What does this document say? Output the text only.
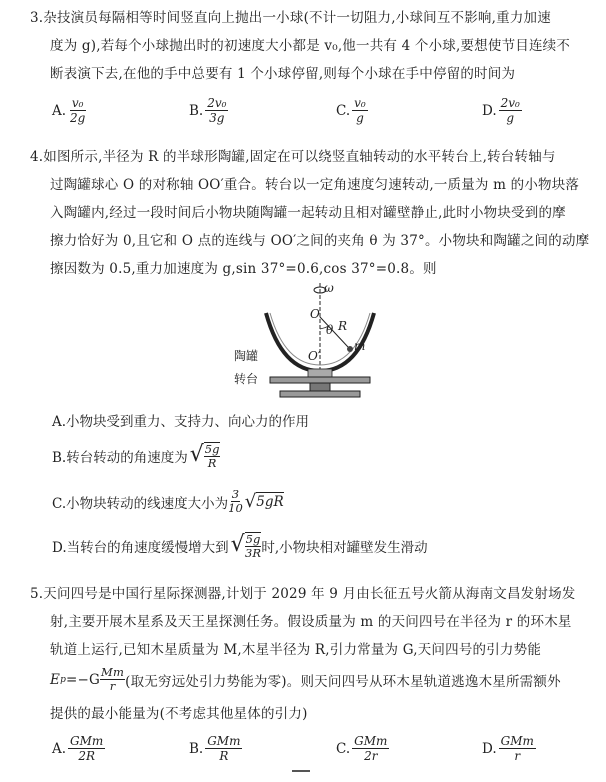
3.杂技演员每隔相等时间竖直向上抛出一小球(不计一切阻力,小球间互不影响,重力加速
度为 g),若每个小球抛出时的初速度大小都是 v₀,他一共有 4 个小球,要想使节目连续不
断表演下去,在他的手中总要有 1 个小球停留,则每个小球在手中停留的时间为
A. $\frac{\text{v₀}}{2g}$	B. $\frac{\text{2v₀}}{3g}$	C. $\frac{\text{v₀}}{g}$	D. $\frac{\text{2v₀}}{g}$
4.如图所示,半径为 R 的半球形陶罐,固定在可以绕竖直轴转动的水平转台上,转台转轴与
过陶罐球心 O 的对称轴 OO′重合。转台以一定角速度匀速转动,一质量为 m 的小物块落
入陶罐内,经过一段时间后小物块随陶罐一起转动且相对罐壁静止,此时小物块受到的摩
擦力恰好为 0,且它和 O 点的连线与 OO′之间的夹角 θ 为 37°。小物块和陶罐之间的动摩
擦因数为 0.5,重力加速度为 g,sin 37°=0.6,cos 37°=0.8。则
ω
O
θ R
m
O′
陶罐
转台
A.小物块受到重力、支持力、向心力的作用
B.转台转动的角速度为 √ $\frac{5g}{R}$
C.小物块转动的线速度大小为 $\frac{3}{10}$ √ 5gR
D.当转台的角速度缓慢增大到 √ $\frac{5g}{3R}$ 时,小物块相对罐壁发生滑动
5.天问四号是中国行星际探测器,计划于 2029 年 9 月由长征五号火箭从海南文昌发射场发
射,主要开展木星系及天王星探测任务。假设质量为 m 的天问四号在半径为 r 的环木星
轨道上运行,已知木星质量为 M,木星半径为 R,引力常量为 G,天问四号的引力势能
E $p =-G \frac{Mm}{r}$ (取无穷远处引力势能为零)。则天问四号从环木星轨道逃逸木星所需额外
提供的最小能量为(不考虑其他星体的引力)
A. $\frac{\text{GMm}}{2R}$	B. $\frac{\text{GMm}}{R}$	C. $\frac{\text{GMm}}{2r}$	D. $\frac{\text{GMm}}{r}$
